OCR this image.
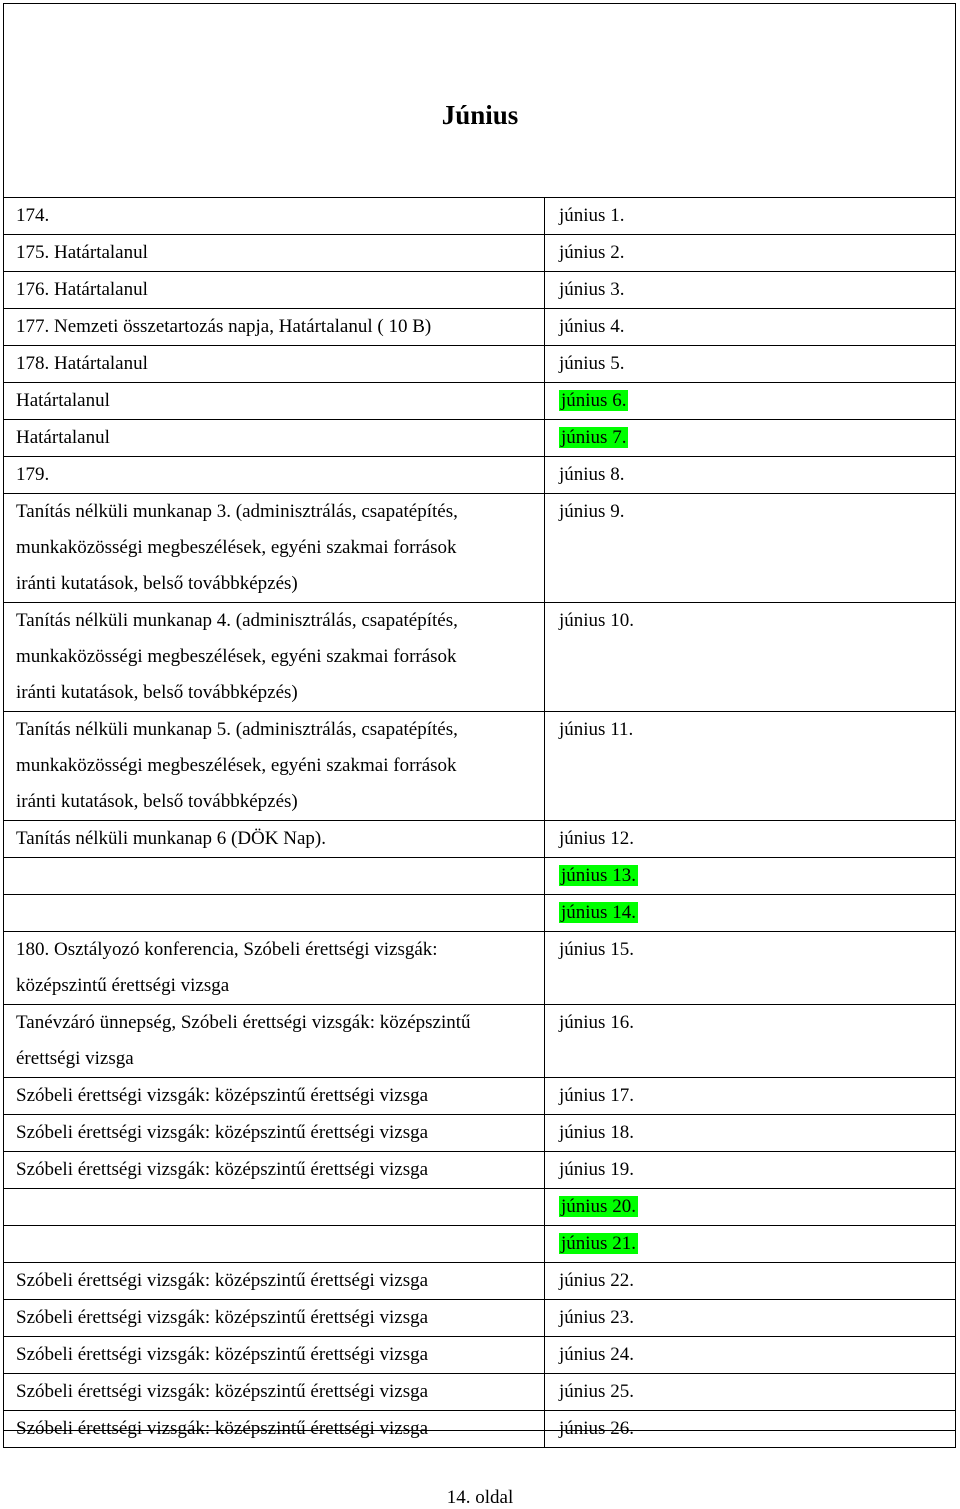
Június
174.	június 1.

175. Határtalanul	június 2.

176. Határtalanul	június 3.

177. Nemzeti összetartozás napja, Határtalanul ( 10 B)	június 4.

178. Határtalanul	június 5.

Határtalanul	június 6.

Határtalanul	június 7.

179.	június 8.

Tanítás nélküli munkanap 3. (adminisztrálás, csapatépítés,
munkaközösségi megbeszélések, egyéni szakmai források
iránti kutatások, belső továbbképzés)	június 9.

Tanítás nélküli munkanap 4. (adminisztrálás, csapatépítés,
munkaközösségi megbeszélések, egyéni szakmai források
iránti kutatások, belső továbbképzés)	június 10.

Tanítás nélküli munkanap 5. (adminisztrálás, csapatépítés,
munkaközösségi megbeszélések, egyéni szakmai források
iránti kutatások, belső továbbképzés)	június 11.

Tanítás nélküli munkanap 6 (DÖK Nap).	június 12.

	június 13.

	június 14.

180. Osztályozó konferencia, Szóbeli érettségi vizsgák:
középszintű érettségi vizsga	június 15.

Tanévzáró ünnepség, Szóbeli érettségi vizsgák: középszintű
érettségi vizsga	június 16.

Szóbeli érettségi vizsgák: középszintű érettségi vizsga	június 17.

Szóbeli érettségi vizsgák: középszintű érettségi vizsga	június 18.

Szóbeli érettségi vizsgák: középszintű érettségi vizsga	június 19.

	június 20.

	június 21.

Szóbeli érettségi vizsgák: középszintű érettségi vizsga	június 22.

Szóbeli érettségi vizsgák: középszintű érettségi vizsga	június 23.

Szóbeli érettségi vizsgák: középszintű érettségi vizsga	június 24.

Szóbeli érettségi vizsgák: középszintű érettségi vizsga	június 25.

Szóbeli érettségi vizsgák: középszintű érettségi vizsga	június 26.
14. oldal
